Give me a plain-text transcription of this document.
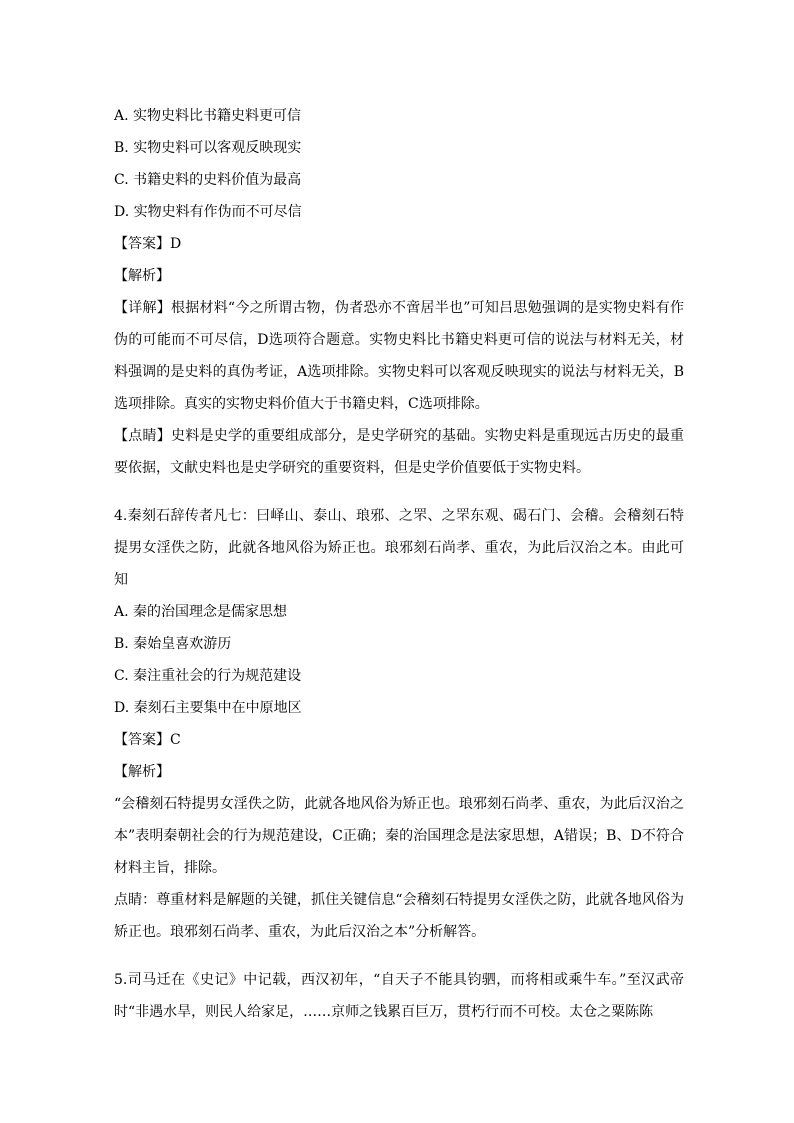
A. 实物史料比书籍史料更可信
B. 实物史料可以客观反映现实
C. 书籍史料的史料价值为最高
D. 实物史料有作伪而不可尽信
【答案】D
【解析】

【详解】根据材料“今之所谓古物，伪者恐亦不啻居半也”可知吕思勉强调的是实物史料有作伪的可能而不可尽信，D选项符合题意。实物史料比书籍史料更可信的说法与材料无关，材料强调的是史料的真伪考证，A选项排除。实物史料可以客观反映现实的说法与材料无关，B选项排除。真实的实物史料价值大于书籍史料，C选项排除。

【点睛】史料是史学的重要组成部分，是史学研究的基础。实物史料是重现远古历史的最重要依据，文献史料也是史学研究的重要资料，但是史学价值要低于实物史料。

4.秦刻石辞传者凡七：曰峄山、泰山、琅邪、之罘、之罘东观、碣石门、会稽。会稽刻石特提男女淫佚之防，此就各地风俗为矫正也。琅邪刻石尚孝、重农，为此后汉治之本。由此可知

A. 秦的治国理念是儒家思想
B. 秦始皇喜欢游历
C. 秦注重社会的行为规范建设
D. 秦刻石主要集中在中原地区
【答案】C
【解析】

“会稽刻石特提男女淫佚之防，此就各地风俗为矫正也。琅邪刻石尚孝、重农，为此后汉治之本”表明秦朝社会的行为规范建设，C正确；秦的治国理念是法家思想，A错误；B、D不符合材料主旨，排除。

点睛：尊重材料是解题的关键，抓住关键信息“会稽刻石特提男女淫佚之防，此就各地风俗为矫正也。琅邪刻石尚孝、重农，为此后汉治之本”分析解答。

5.司马迁在《史记》中记载，西汉初年，“自天子不能具钧驷，而将相或乘牛车。”至汉武帝时“非遇水旱，则民人给家足，……京师之钱累百巨万，贯朽行而不可校。太仓之粟陈陈
